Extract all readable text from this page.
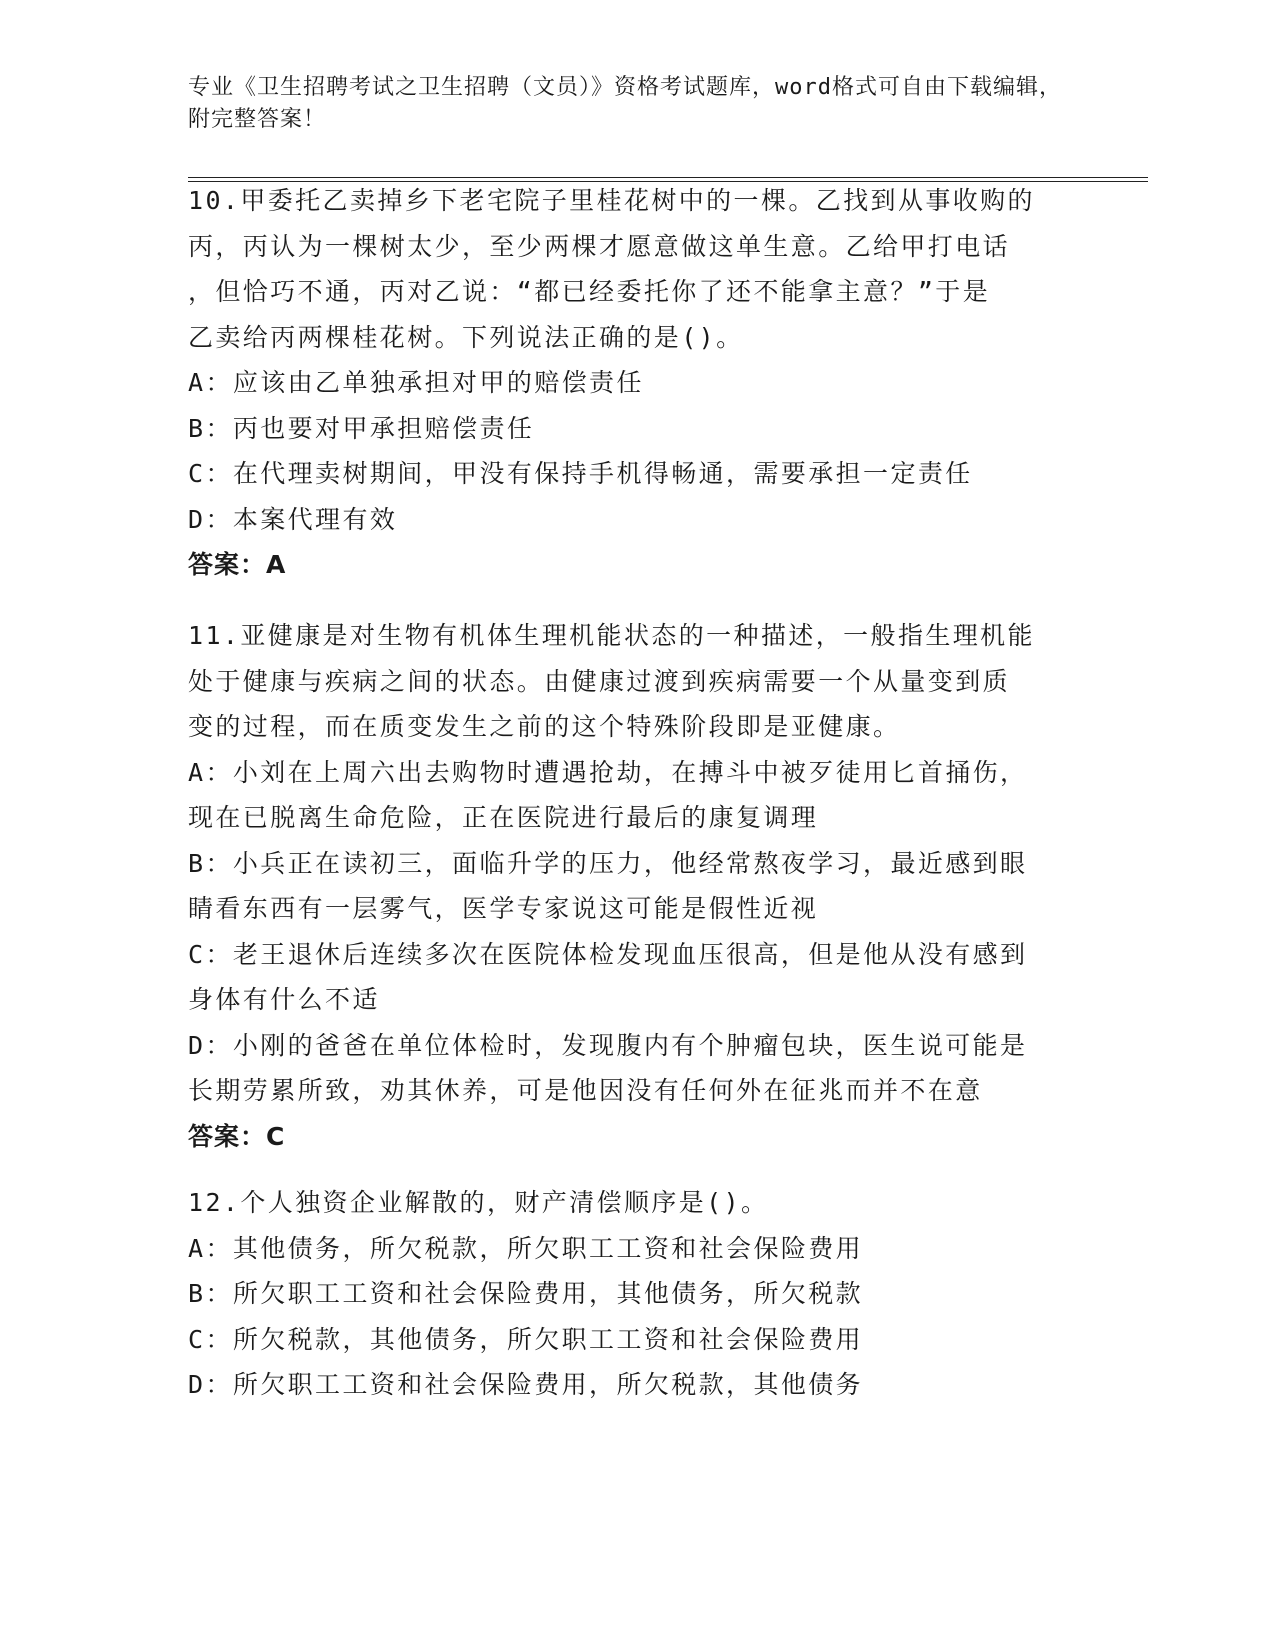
专业《卫生招聘考试之卫生招聘（文员）》资格考试题库，word格式可自由下载编辑，附完整答案！
10.甲委托乙卖掉乡下老宅院子里桂花树中的一棵。乙找到从事收购的
丙，丙认为一棵树太少，至少两棵才愿意做这单生意。乙给甲打电话
，但恰巧不通，丙对乙说：“都已经委托你了还不能拿主意？”于是
乙卖给丙两棵桂花树。下列说法正确的是()。
A：应该由乙单独承担对甲的赔偿责任
B：丙也要对甲承担赔偿责任
C：在代理卖树期间，甲没有保持手机得畅通，需要承担一定责任
D：本案代理有效
答案：A
11.亚健康是对生物有机体生理机能状态的一种描述，一般指生理机能
处于健康与疾病之间的状态。由健康过渡到疾病需要一个从量变到质
变的过程，而在质变发生之前的这个特殊阶段即是亚健康。
A：小刘在上周六出去购物时遭遇抢劫，在搏斗中被歹徒用匕首捅伤，
现在已脱离生命危险，正在医院进行最后的康复调理
B：小兵正在读初三，面临升学的压力，他经常熬夜学习，最近感到眼
睛看东西有一层雾气，医学专家说这可能是假性近视
C：老王退休后连续多次在医院体检发现血压很高，但是他从没有感到
身体有什么不适
D：小刚的爸爸在单位体检时，发现腹内有个肿瘤包块，医生说可能是
长期劳累所致，劝其休养，可是他因没有任何外在征兆而并不在意
答案：C
12.个人独资企业解散的，财产清偿顺序是()。
A：其他债务，所欠税款，所欠职工工资和社会保险费用
B：所欠职工工资和社会保险费用，其他债务，所欠税款
C：所欠税款，其他债务，所欠职工工资和社会保险费用
D：所欠职工工资和社会保险费用，所欠税款，其他债务
